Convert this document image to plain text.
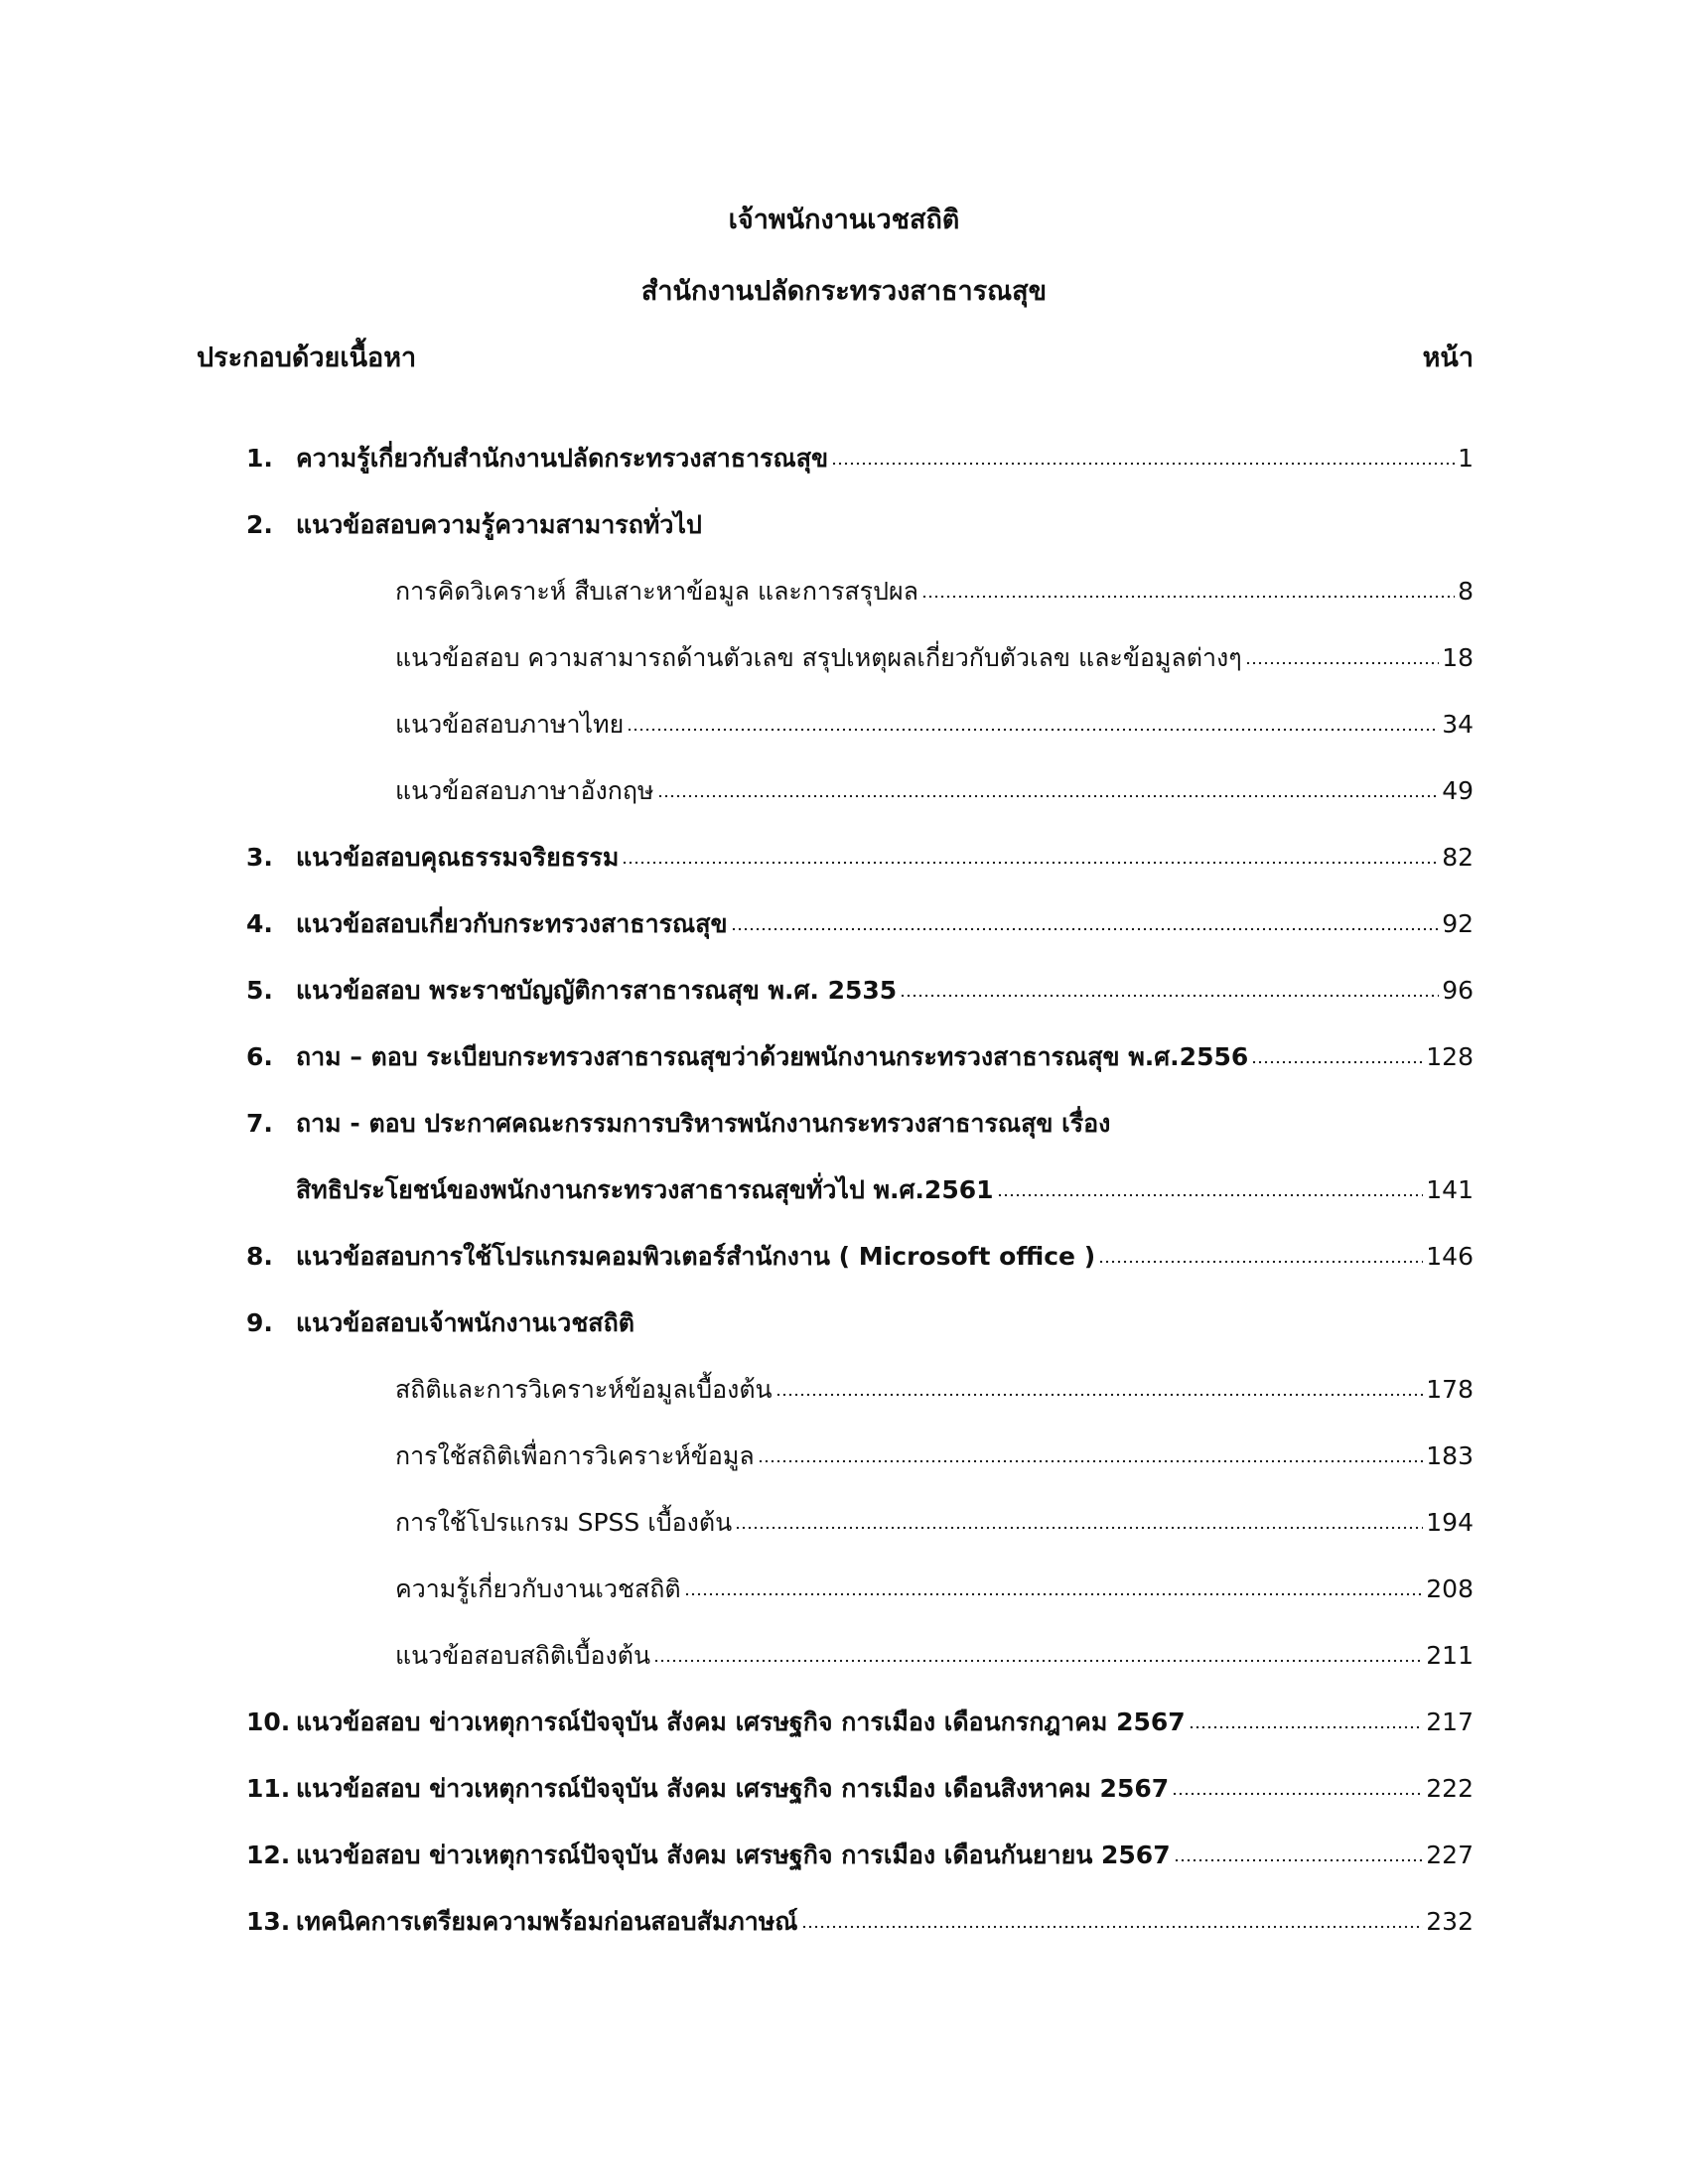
เจ้าพนักงานเวชสถิติ
สำนักงานปลัดกระทรวงสาธารณสุข
ประกอบด้วยเนื้อหา	หน้า
1. ความรู้เกี่ยวกับสำนักงานปลัดกระทรวงสาธารณสุข	1
2. แนวข้อสอบความรู้ความสามารถทั่วไป
การคิดวิเคราะห์ สืบเสาะหาข้อมูล และการสรุปผล	8
แนวข้อสอบ ความสามารถด้านตัวเลข สรุปเหตุผลเกี่ยวกับตัวเลข และข้อมูลต่างๆ	18
แนวข้อสอบภาษาไทย	34
แนวข้อสอบภาษาอังกฤษ	49
3. แนวข้อสอบคุณธรรมจริยธรรม	82
4. แนวข้อสอบเกี่ยวกับกระทรวงสาธารณสุข	92
5. แนวข้อสอบ พระราชบัญญัติการสาธารณสุข พ.ศ. 2535	96
6. ถาม – ตอบ ระเบียบกระทรวงสาธารณสุขว่าด้วยพนักงานกระทรวงสาธารณสุข พ.ศ.2556	128
7. ถาม - ตอบ ประกาศคณะกรรมการบริหารพนักงานกระทรวงสาธารณสุข เรื่อง
สิทธิประโยชน์ของพนักงานกระทรวงสาธารณสุขทั่วไป พ.ศ.2561	141
8. แนวข้อสอบการใช้โปรแกรมคอมพิวเตอร์สำนักงาน ( Microsoft office )	146
9. แนวข้อสอบเจ้าพนักงานเวชสถิติ
สถิติและการวิเคราะห์ข้อมูลเบื้องต้น	178
การใช้สถิติเพื่อการวิเคราะห์ข้อมูล	183
การใช้โปรแกรม SPSS เบื้องต้น	194
ความรู้เกี่ยวกับงานเวชสถิติ	208
แนวข้อสอบสถิติเบื้องต้น	211
10. แนวข้อสอบ ข่าวเหตุการณ์ปัจจุบัน สังคม เศรษฐกิจ การเมือง เดือนกรกฎาคม 2567	217
11. แนวข้อสอบ ข่าวเหตุการณ์ปัจจุบัน สังคม เศรษฐกิจ การเมือง เดือนสิงหาคม 2567	222
12. แนวข้อสอบ ข่าวเหตุการณ์ปัจจุบัน สังคม เศรษฐกิจ การเมือง เดือนกันยายน 2567	227
13. เทคนิคการเตรียมความพร้อมก่อนสอบสัมภาษณ์	232
